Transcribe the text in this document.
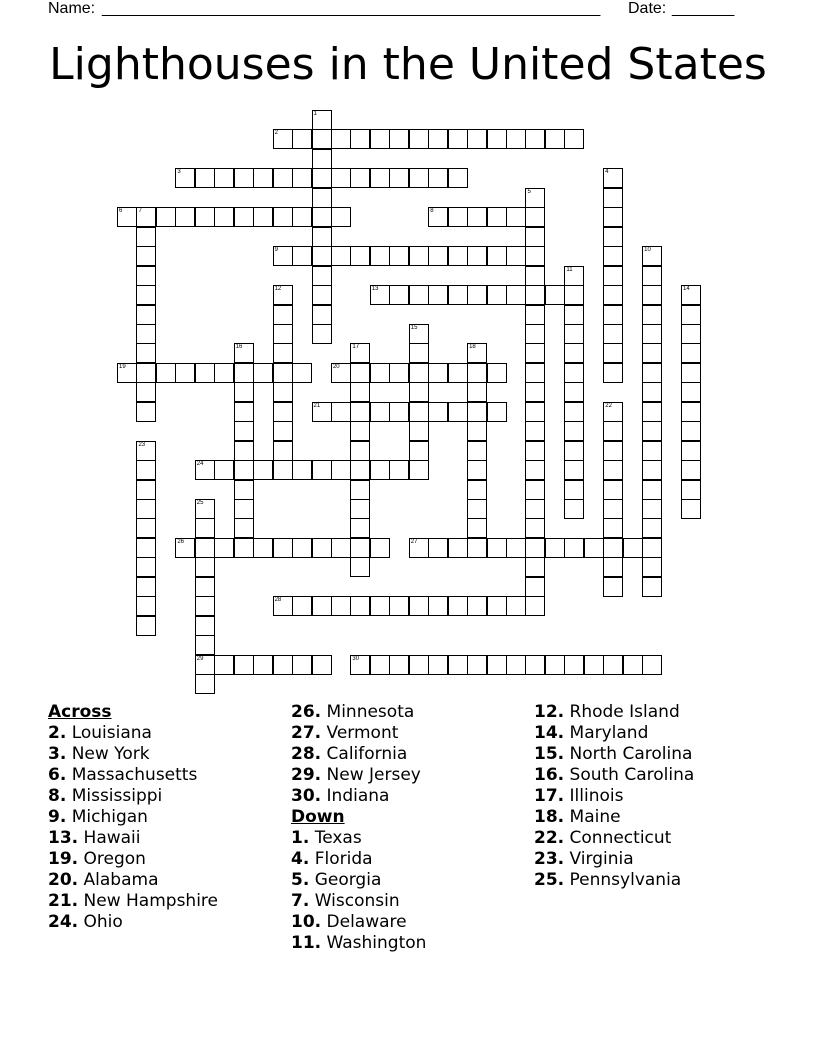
Name: ________________________________________________________ Date: _______
Lighthouses in the United States
1
2
3	4
5
6	7	8
9	10
11
12	13	14
15
16	17	18
19	20
21	22
23
24
25
29
26	27
28
30
Across
2. Louisiana
3. New York
6. Massachusetts
8. Mississippi
9. Michigan
13. Hawaii
19. Oregon
20. Alabama
21. New Hampshire
24. Ohio
26. Minnesota
27. Vermont
28. California
29. New Jersey
30. Indiana
Down
1. Texas
4. Florida
5. Georgia
7. Wisconsin
10. Delaware
11. Washington
12. Rhode Island
14. Maryland
15. North Carolina
16. South Carolina
17. Illinois
18. Maine
22. Connecticut
23. Virginia
25. Pennsylvania
